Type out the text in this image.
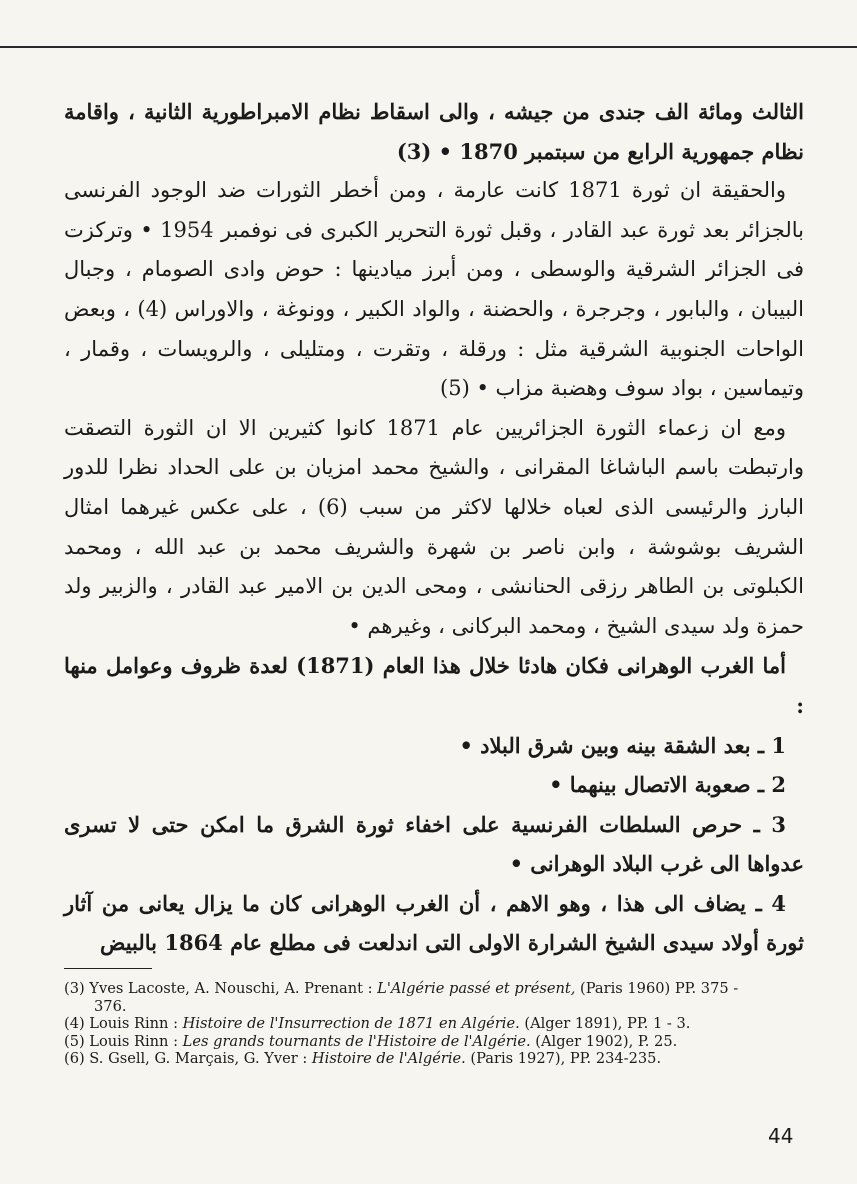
الثالث ومائة الف جندى من جيشه ، والى اسقاط نظام الامبراطورية الثانية ، واقامة نظام جمهورية الرابع من سبتمبر 1870 • (3)

والحقيقة ان ثورة 1871 كانت عارمة ، ومن أخطر الثورات ضد الوجود الفرنسى بالجزائر بعد ثورة عبد القادر ، وقبل ثورة التحرير الكبرى فى نوفمبر 1954 • وتركزت فى الجزائر الشرقية والوسطى ، ومن أبرز ميادينها : حوض وادى الصومام ، وجبال البيبان ، والبابور ، وجرجرة ، والحضنة ، والواد الكبير ، وونوغة ، والاوراس (4) ، وبعض الواحات الجنوبية الشرقية مثل : ورقلة ، وتقرت ، ومتليلى ، والرويسات ، وقمار ، وتيماسين ، بواد سوف وهضبة مزاب • (5)

ومع ان زعماء الثورة الجزائريين عام 1871 كانوا كثيرين الا ان الثورة التصقت وارتبطت باسم الباشاغا المقرانى ، والشيخ محمد امزيان بن على الحداد نظرا للدور البارز والرئيسى الذى لعباه خلالها لاكثر من سبب (6) ، على عكس غيرهما امثال الشريف بوشوشة ، وابن ناصر بن شهرة والشريف محمد بن عبد الله ، ومحمد الكبلوتى بن الطاهر رزقى الحنانشى ، ومحى الدين بن الامير عبد القادر ، والزبير ولد حمزة ولد سيدى الشيخ ، ومحمد البركانى ، وغيرهم •

أما الغرب الوهرانى فكان هادئا خلال هذا العام (1871) لعدة ظروف وعوامل منها :

1 ـ بعد الشقة بينه وبين شرق البلاد •

2 ـ صعوبة الاتصال بينهما •

3 ـ حرص السلطات الفرنسية على اخفاء ثورة الشرق ما امكن حتى لا تسرى عدواها الى غرب البلاد الوهرانى •

4 ـ يضاف الى هذا ، وهو الاهم ، أن الغرب الوهرانى كان ما يزال يعانى من آثار ثورة أولاد سيدى الشيخ الشرارة الاولى التى اندلعت فى مطلع عام 1864 بالبيض

(3) Yves Lacoste, A. Nouschi, A. Prenant : L'Algérie passé et présent, (Paris 1960) PP. 375 - 376.
(4) Louis Rinn : Histoire de l'Insurrection de 1871 en Algérie. (Alger 1891), PP. 1 - 3.
(5) Louis Rinn : Les grands tournants de l'Histoire de l'Algérie. (Alger 1902), P. 25.
(6) S. Gsell, G. Marçais, G. Yver : Histoire de l'Algérie. (Paris 1927), PP. 234-235.
44
